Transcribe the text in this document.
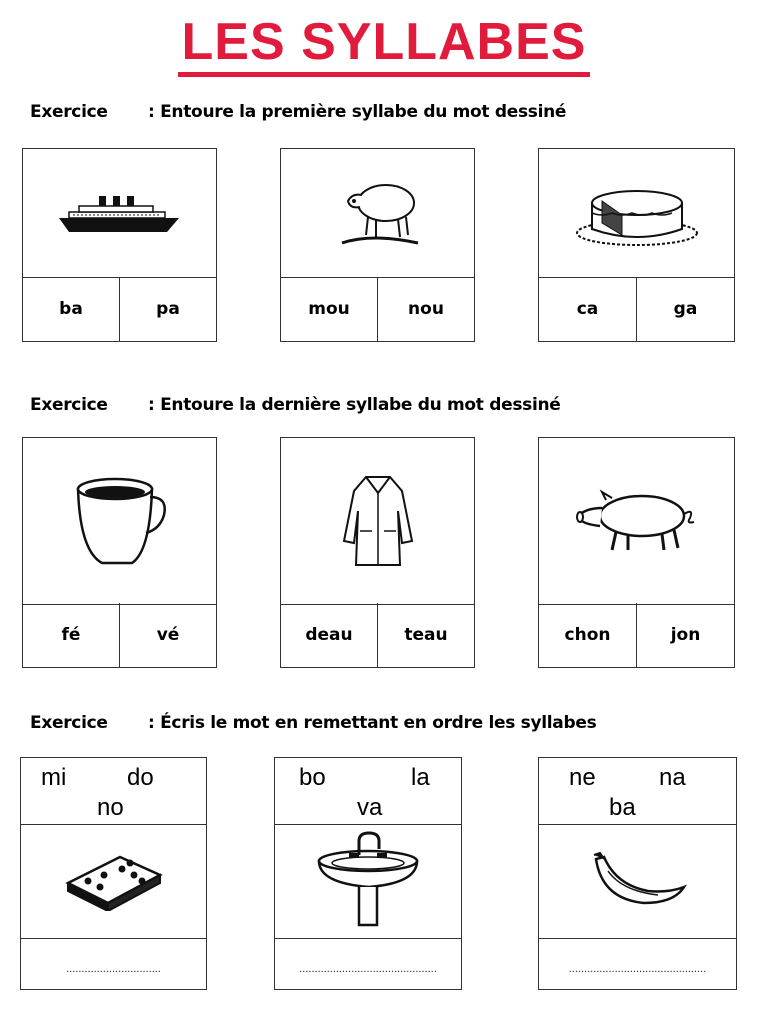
LES SYLLABES
Exercice : Entoure la première syllabe du mot dessiné
ba	pa	mou	nou	ca	ga
Exercice : Entoure la dernière syllabe du mot dessiné
fé	vé	deau	teau	chon	jon
Exercice : Écris le mot en remettant en ordre les syllabes
mi	do
no
...............................
bo	la
va
.............................................
ne	na
ba
.............................................
